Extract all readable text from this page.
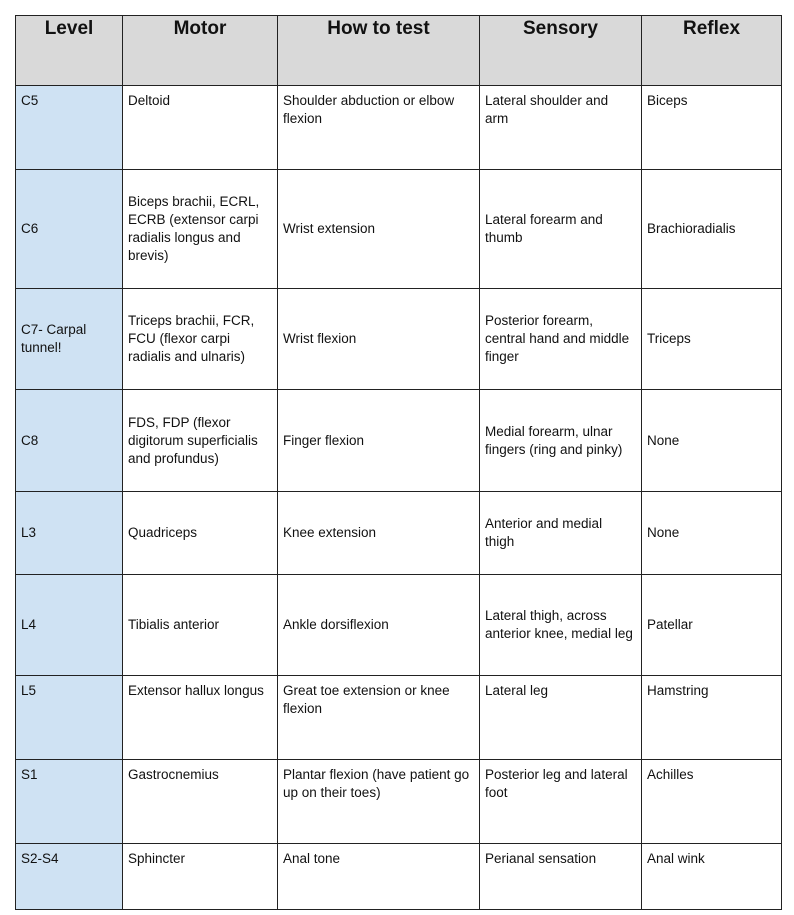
Level	Motor	How to test	Sensory	Reflex

C5	Deltoid	Shoulder abduction or elbow flexion	Lateral shoulder and arm	Biceps

C6	Biceps brachii, ECRL, ECRB (extensor carpi radialis longus and brevis)	Wrist extension	Lateral forearm and thumb	Brachioradialis

C7- Carpal tunnel!	Triceps brachii, FCR, FCU (flexor carpi radialis and ulnaris)	Wrist flexion	Posterior forearm, central hand and middle finger	Triceps

C8	FDS, FDP (flexor digitorum superficialis and profundus)	Finger flexion	Medial forearm, ulnar fingers (ring and pinky)	None

L3	Quadriceps	Knee extension	Anterior and medial thigh	None

L4	Tibialis anterior	Ankle dorsiflexion	Lateral thigh, across anterior knee, medial leg	Patellar

L5	Extensor hallux longus	Great toe extension or knee flexion	Lateral leg	Hamstring

S1	Gastrocnemius	Plantar flexion (have patient go up on their toes)	Posterior leg and lateral foot	Achilles

S2-S4	Sphincter	Anal tone	Perianal sensation	Anal wink
